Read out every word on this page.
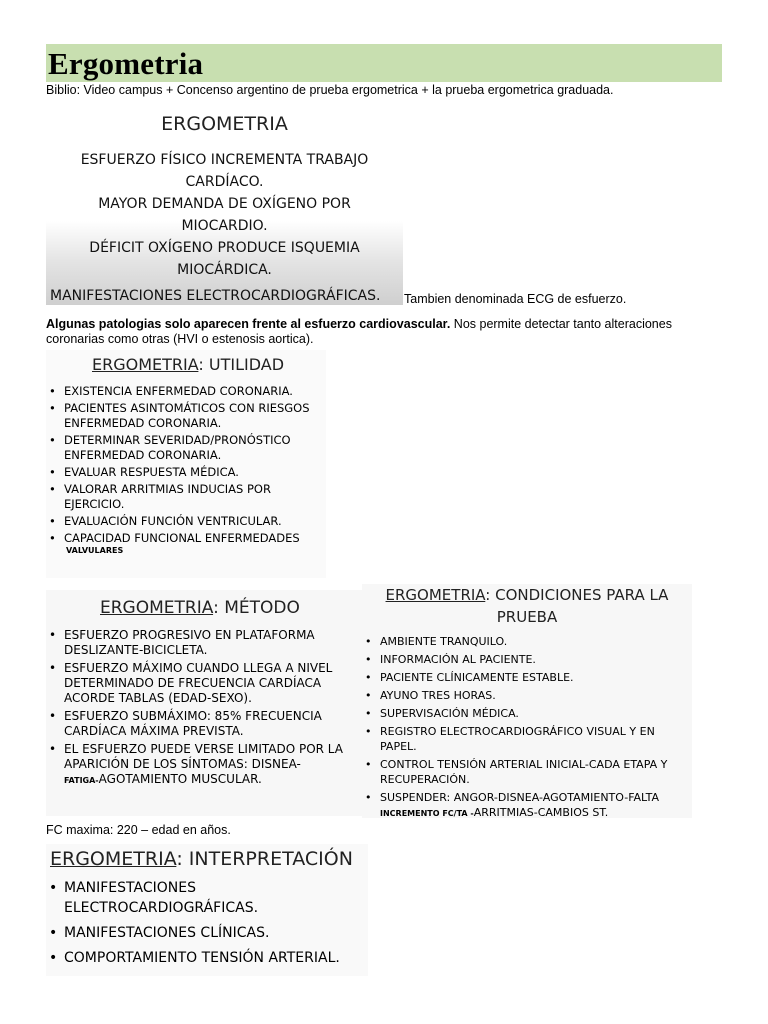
Ergometria
Biblio: Video campus + Concenso argentino de prueba ergometrica + la prueba ergometrica graduada.
ERGOMETRIA
ESFUERZO FÍSICO INCREMENTA TRABAJO
CARDÍACO.
MAYOR DEMANDA DE OXÍGENO POR
MIOCARDIO.
DÉFICIT OXÍGENO PRODUCE ISQUEMIA
MIOCÁRDICA.
MANIFESTACIONES ELECTROCARDIOGRÁFICAS. Tambien denominada ECG de esfuerzo.
Algunas patologias solo aparecen frente al esfuerzo cardiovascular. Nos permite detectar tanto alteraciones coronarias como otras (HVI o estenosis aortica).
ERGOMETRIA: UTILIDAD
• EXISTENCIA ENFERMEDAD CORONARIA.
• PACIENTES ASINTOMÁTICOS CON RIESGOS ENFERMEDAD CORONARIA.
• DETERMINAR SEVERIDAD/PRONÓSTICO ENFERMEDAD CORONARIA.
• EVALUAR RESPUESTA MÉDICA.
• VALORAR ARRITMIAS INDUCIAS POR EJERCICIO.
• EVALUACIÓN FUNCIÓN VENTRICULAR.
• CAPACIDAD FUNCIONAL ENFERMEDADES
VALVULARES
ERGOMETRIA: MÉTODO
• ESFUERZO PROGRESIVO EN PLATAFORMA DESLIZANTE-BICICLETA.
• ESFUERZO MÁXIMO CUANDO LLEGA A NIVEL DETERMINADO DE FRECUENCIA CARDÍACA ACORDE TABLAS (EDAD-SEXO).
• ESFUERZO SUBMÁXIMO: 85% FRECUENCIA CARDÍACA MÁXIMA PREVISTA.
• EL ESFUERZO PUEDE VERSE LIMITADO POR LA APARICIÓN DE LOS SÍNTOMAS: DISNEA-
FATIGA-AGOTAMIENTO MUSCULAR.
ERGOMETRIA: CONDICIONES PARA LA
PRUEBA
• AMBIENTE TRANQUILO.
• INFORMACIÓN AL PACIENTE.
• PACIENTE CLÍNICAMENTE ESTABLE.
• AYUNO TRES HORAS.
• SUPERVISACIÓN MÉDICA.
• REGISTRO ELECTROCARDIOGRÁFICO VISUAL Y EN PAPEL.
• CONTROL TENSIÓN ARTERIAL INICIAL-CADA ETAPA Y RECUPERACIÓN.
• SUSPENDER: ANGOR-DISNEA-AGOTAMIENTO-FALTA
INCREMENTO FC/TA -ARRITMIAS-CAMBIOS ST.
FC maxima: 220 – edad en años.
ERGOMETRIA: INTERPRETACIÓN
• MANIFESTACIONES ELECTROCARDIOGRÁFICAS.
• MANIFESTACIONES CLÍNICAS.
• COMPORTAMIENTO TENSIÓN ARTERIAL.
